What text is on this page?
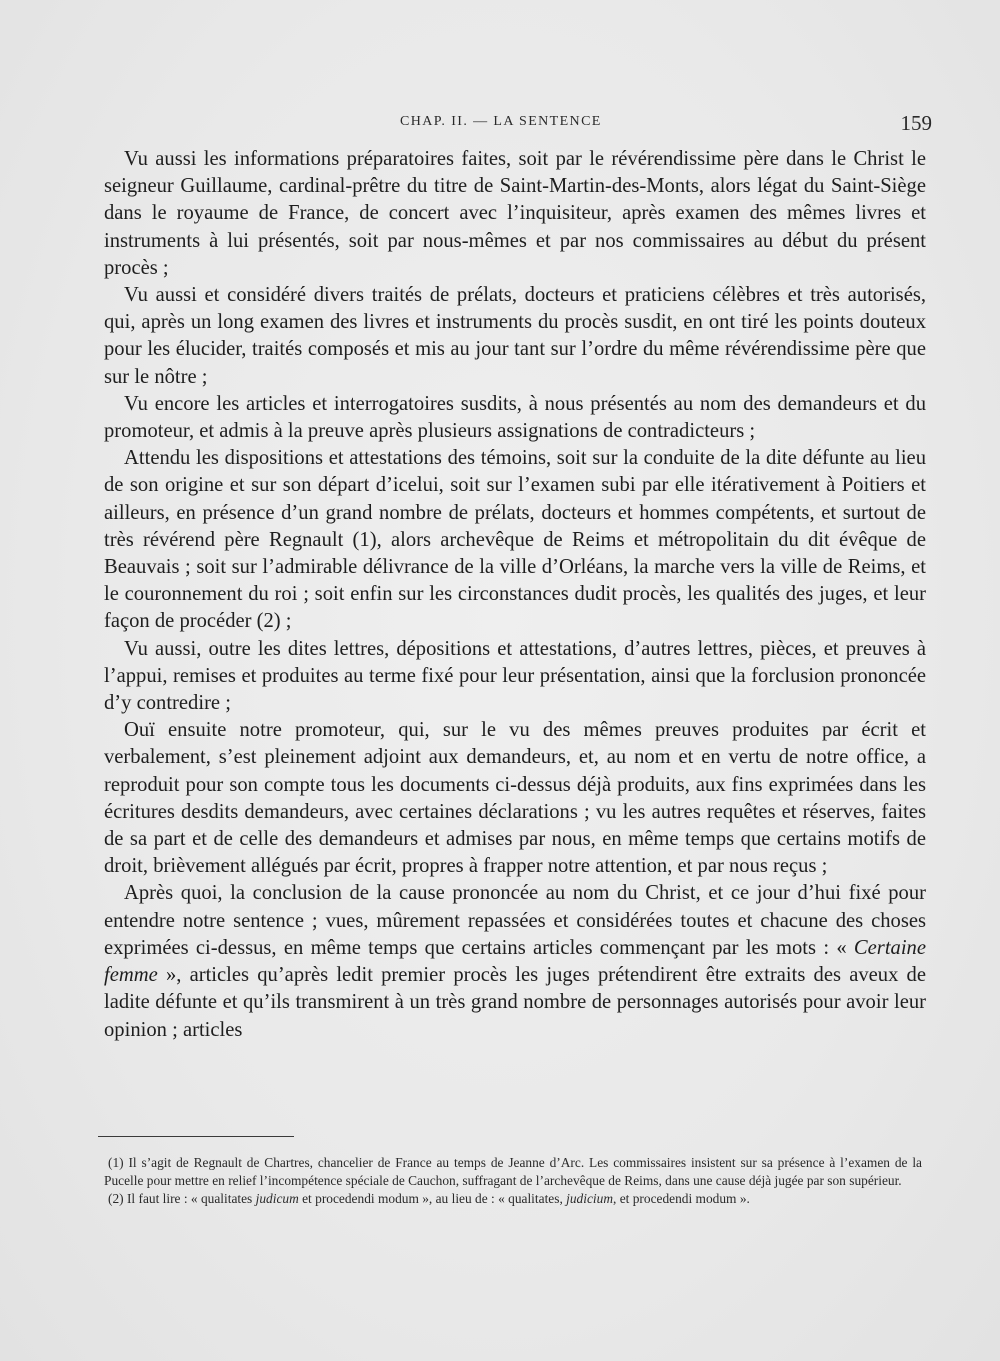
CHAP. II. — LA SENTENCE	159

Vu aussi les informations préparatoires faites, soit par le révérendissime père dans le Christ le seigneur Guillaume, cardinal-prêtre du titre de Saint-Martin-des-Monts, alors légat du Saint-Siège dans le royaume de France, de concert avec l’inquisiteur, après examen des mêmes livres et instruments à lui présentés, soit par nous-mêmes et par nos commissaires au début du présent procès ;

Vu aussi et considéré divers traités de prélats, docteurs et praticiens célèbres et très autorisés, qui, après un long examen des livres et instruments du procès susdit, en ont tiré les points douteux pour les élucider, traités composés et mis au jour tant sur l’ordre du même révérendissime père que sur le nôtre ;

Vu encore les articles et interrogatoires susdits, à nous présentés au nom des demandeurs et du promoteur, et admis à la preuve après plusieurs assignations de contradicteurs ;

Attendu les dispositions et attestations des témoins, soit sur la conduite de la dite défunte au lieu de son origine et sur son départ d’icelui, soit sur l’examen subi par elle itérativement à Poitiers et ailleurs, en présence d’un grand nombre de prélats, docteurs et hommes compétents, et surtout de très révérend père Regnault (1), alors archevêque de Reims et métropolitain du dit évêque de Beauvais ; soit sur l’admirable délivrance de la ville d’Orléans, la marche vers la ville de Reims, et le couronnement du roi ; soit enfin sur les circonstances dudit procès, les qualités des juges, et leur façon de procéder (2) ;

Vu aussi, outre les dites lettres, dépositions et attestations, d’autres lettres, pièces, et preuves à l’appui, remises et produites au terme fixé pour leur présentation, ainsi que la forclusion prononcée d’y contredire ;

Ouï ensuite notre promoteur, qui, sur le vu des mêmes preuves produites par écrit et verbalement, s’est pleinement adjoint aux demandeurs, et, au nom et en vertu de notre office, a reproduit pour son compte tous les documents ci-dessus déjà produits, aux fins exprimées dans les écritures desdits demandeurs, avec certaines déclarations ; vu les autres requêtes et réserves, faites de sa part et de celle des demandeurs et admises par nous, en même temps que certains motifs de droit, brièvement allégués par écrit, propres à frapper notre attention, et par nous reçus ;

Après quoi, la conclusion de la cause prononcée au nom du Christ, et ce jour d’hui fixé pour entendre notre sentence ; vues, mûrement repassées et considérées toutes et chacune des choses exprimées ci-dessus, en même temps que certains articles commençant par les mots : « Certaine femme », articles qu’après ledit premier procès les juges prétendirent être extraits des aveux de ladite défunte et qu’ils transmirent à un très grand nombre de personnages autorisés pour avoir leur opinion ; articles

(1) Il s’agit de Regnault de Chartres, chancelier de France au temps de Jeanne d’Arc. Les commissaires insistent sur sa présence à l’examen de la Pucelle pour mettre en relief l’incompétence spéciale de Cauchon, suffragant de l’archevêque de Reims, dans une cause déjà jugée par son supérieur.

(2) Il faut lire : « qualitates judicum et procedendi modum », au lieu de : « qualitates, judicium, et procedendi modum ».
